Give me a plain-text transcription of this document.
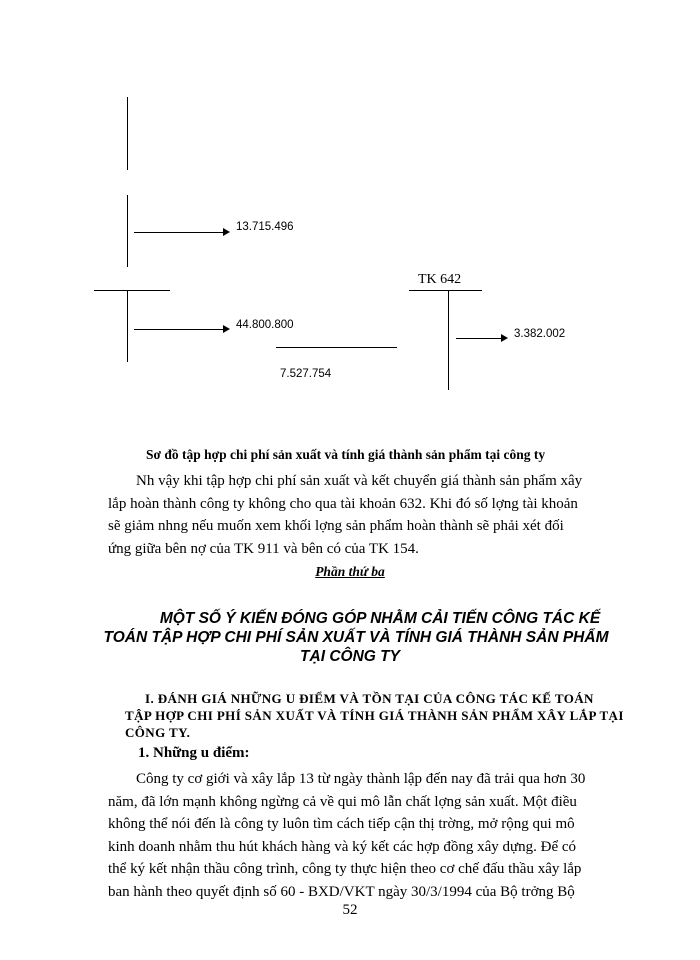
13.715.496
44.800.800
7.527.754
TK 642
3.382.002
Sơ đồ tập hợp chi phí sản xuất và tính giá thành sản phẩm tại công ty
Nh vậy khi tập hợp chi phí sản xuất và kết chuyển giá thành sản phẩm xây
lắp hoàn thành công ty không cho qua tài khoản 632. Khi đó số lợng tài khoản
sẽ giảm nhng nếu muốn xem khối lợng sản phẩm hoàn thành sẽ phải xét đối
ứng giữa bên nợ của TK 911 và bên có của TK 154.
Phần thứ ba
MỘT SỐ Ý KIẾN ĐÓNG GÓP NHẰM CẢI TIẾN CÔNG TÁC KẾ
TOÁN TẬP HỢP CHI PHÍ SẢN XUẤT VÀ TÍNH GIÁ THÀNH SẢN PHẨM
TẠI CÔNG TY
I. ĐÁNH GIÁ NHỮNG U ĐIỂM VÀ TỒN TẠI CỦA CÔNG TÁC KẾ TOÁN
TẬP HỢP CHI PHÍ SẢN XUẤT VÀ TÍNH GIÁ THÀNH SẢN PHẨM XÂY LẮP TẠI
CÔNG TY.
1. Những u điểm:
Công ty cơ giới và xây lắp 13 từ ngày thành lập đến nay đã trải qua hơn 30
năm, đã lớn mạnh không ngừng cả về qui mô lẫn chất lợng sản xuất. Một điều
không thể nói đến là công ty luôn tìm cách tiếp cận thị trờng, mở rộng qui mô
kinh doanh nhằm thu hút khách hàng và ký kết các hợp đồng xây dựng. Để có
thể ký kết nhận thầu công trình, công ty thực hiện theo cơ chế đấu thầu xây lắp
ban hành theo quyết định số 60 - BXD/VKT ngày 30/3/1994 của Bộ trởng Bộ
52
